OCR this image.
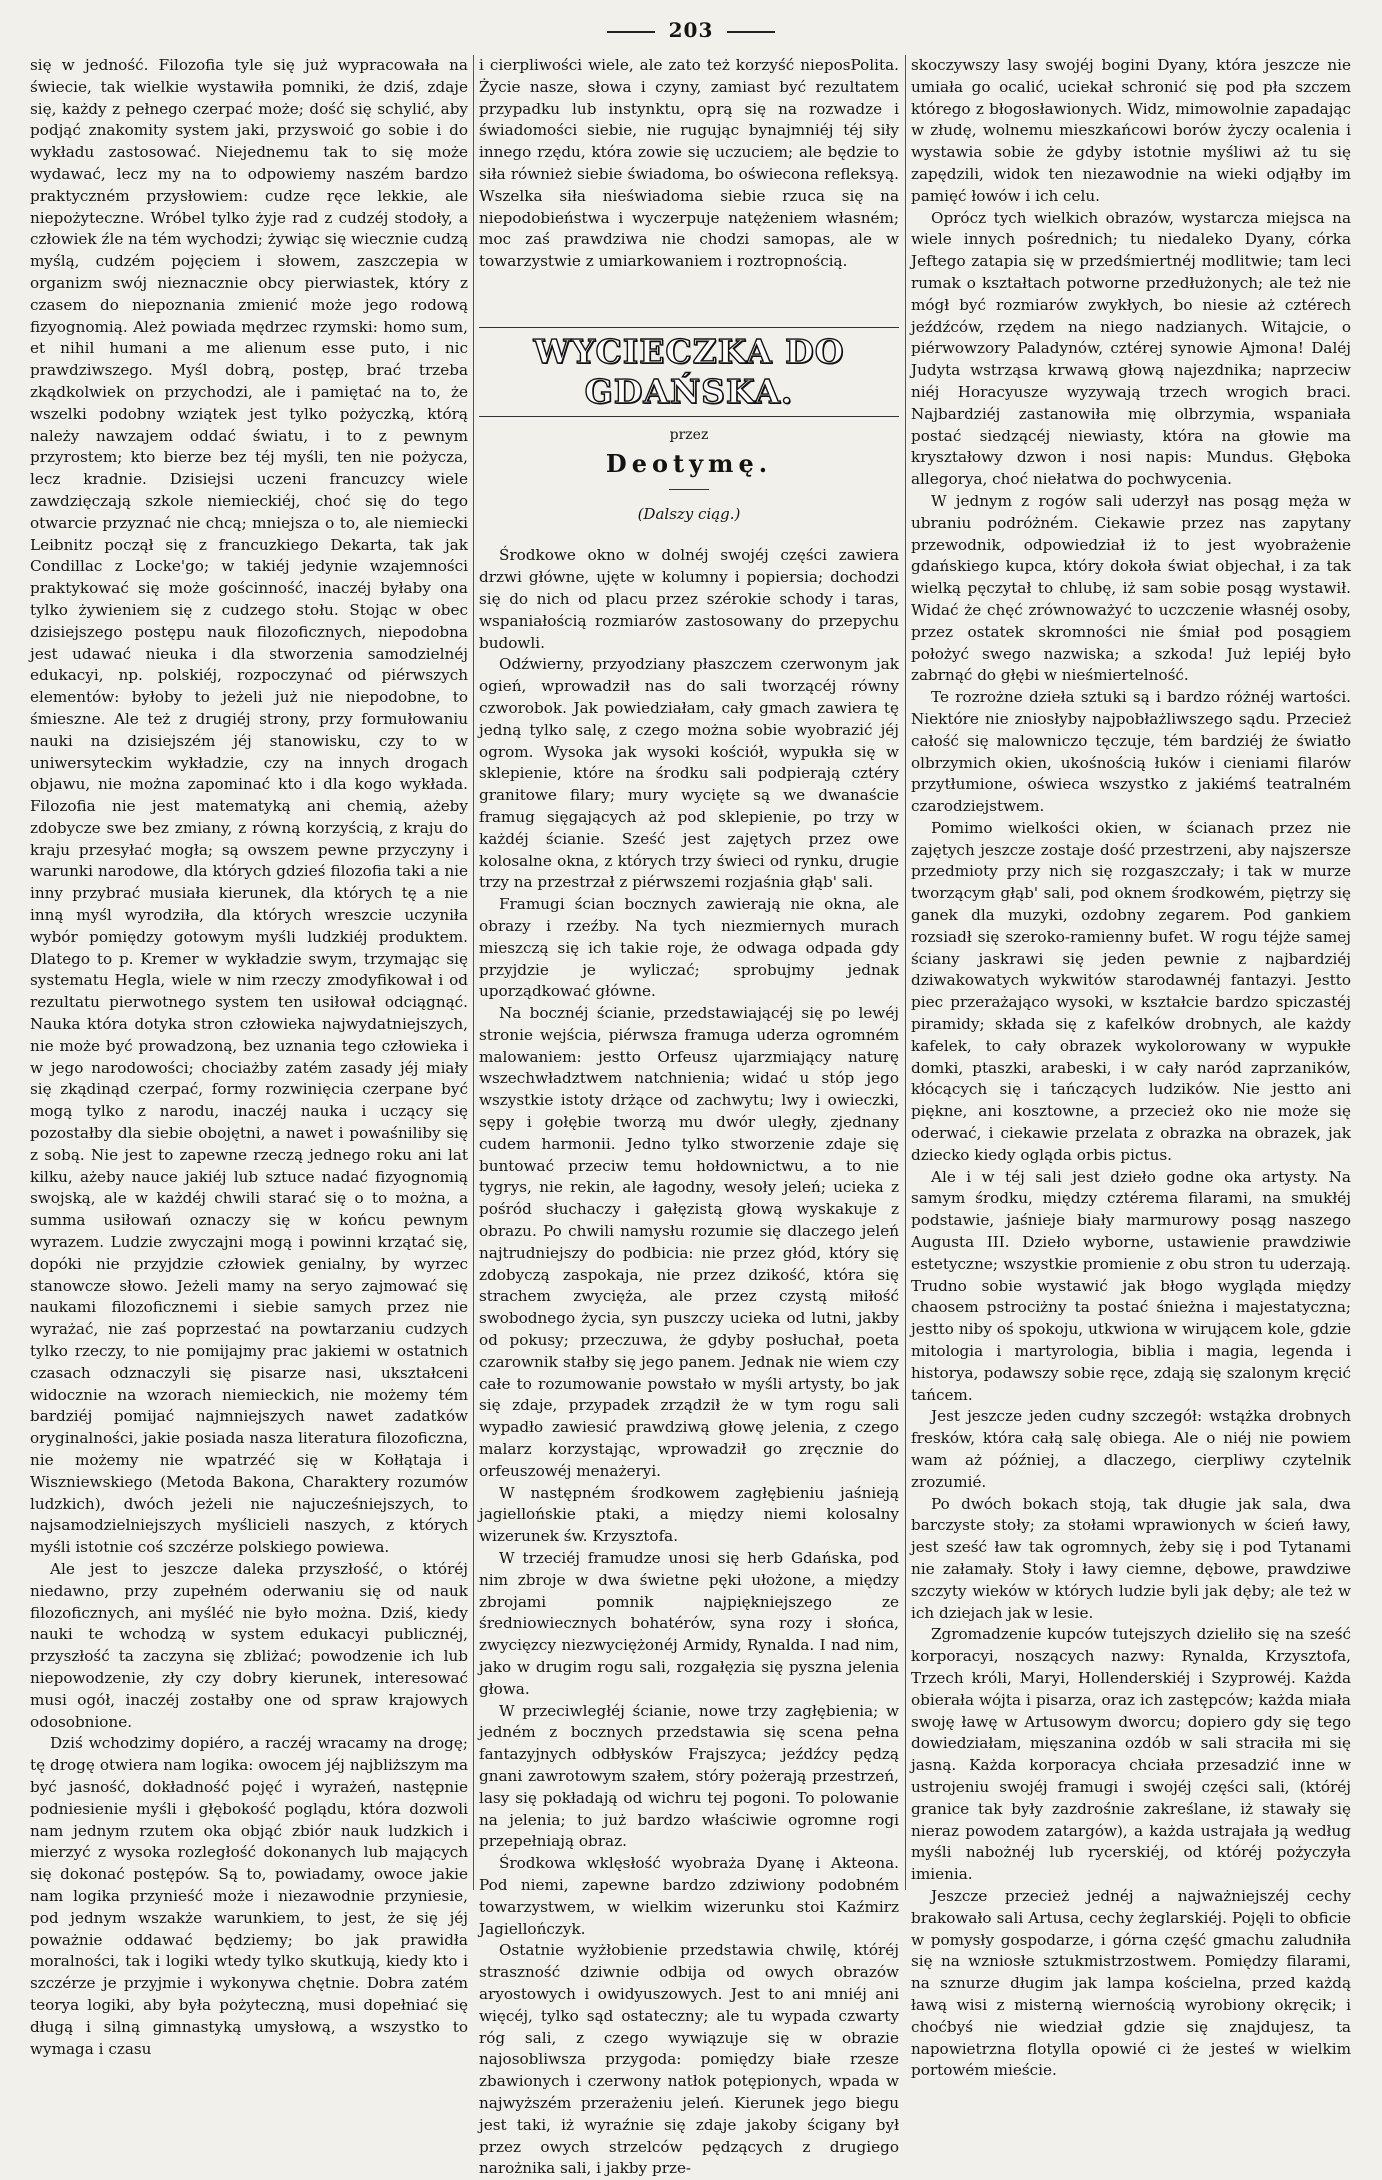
203

się w jedność. Filozofia tyle się już wypracowała na świecie, tak wielkie wystawiła pomniki, że dziś, zdaje się, każdy z pełnego czerpać może; dość się schylić, aby podjąć znakomity system jaki, przyswoić go sobie i do wykładu zastosować. Niejednemu tak to się może wydawać, lecz my na to odpowiemy naszém bardzo praktyczném przysłowiem: cudze ręce lekkie, ale niepożyteczne. Wróbel tylko żyje rad z cudzéj stodoły, a człowiek źle na tém wychodzi; żywiąc się wiecznie cudzą myślą, cudzém pojęciem i słowem, zaszczepia w organizm swój nieznacznie obcy pierwiastek, który z czasem do niepoznania zmienić może jego rodową fizyognomią. Ależ powiada mędrzec rzymski: homo sum, et nihil humani a me alienum esse puto, i nic prawdziwszego. Myśl dobrą, postęp, brać trzeba zkądkolwiek on przychodzi, ale i pamiętać na to, że wszelki podobny wziątek jest tylko pożyczką, którą należy nawzajem oddać światu, i to z pewnym przyrostem; kto bierze bez téj myśli, ten nie pożycza, lecz kradnie. Dzisiejsi uczeni francuzcy wiele zawdzięczają szkole niemieckiéj, choć się do tego otwarcie przyznać nie chcą; mniejsza o to, ale niemiecki Leibnitz począł się z francuzkiego Dekarta, tak jak Condillac z Locke'go; w takiéj jedynie wzajemności praktykować się może gościnność, inaczéj byłaby ona tylko żywieniem się z cudzego stołu. Stojąc w obec dzisiejszego postępu nauk filozoficznych, niepodobna jest udawać nieuka i dla stworzenia samodzielnéj edukacyi, np. polskiéj, rozpoczynać od piérwszych elementów: byłoby to jeżeli już nie niepodobne, to śmieszne. Ale też z drugiéj strony, przy formułowaniu nauki na dzisiejszém jéj stanowisku, czy to w uniwersyteckim wykładzie, czy na innych drogach objawu, nie można zapominać kto i dla kogo wykłada. Filozofia nie jest matematyką ani chemią, ażeby zdobycze swe bez zmiany, z równą korzyścią, z kraju do kraju przesyłać mogła; są owszem pewne przyczyny i warunki narodowe, dla których gdzieś filozofia taki a nie inny przybrać musiała kierunek, dla których tę a nie inną myśl wyrodziła, dla których wreszcie uczyniła wybór pomiędzy gotowym myśli ludzkiéj produktem. Dlatego to p. Kremer w wykładzie swym, trzymając się systematu Hegla, wiele w nim rzeczy zmodyfikował i od rezultatu pierwotnego system ten usiłował odciągnąć. Nauka która dotyka stron człowieka najwydatniejszych, nie może być prowadzoną, bez uznania tego człowieka i w jego narodowości; chociażby zatém zasady jéj miały się zkądinąd czerpać, formy rozwinięcia czerpane być mogą tylko z narodu, inaczéj nauka i uczący się pozostałby dla siebie obojętni, a nawet i powaśniliby się z sobą. Nie jest to zapewne rzeczą jednego roku ani lat kilku, ażeby nauce jakiéj lub sztuce nadać fizyognomią swojską, ale w każdéj chwili starać się o to można, a summa usiłowań oznaczy się w końcu pewnym wyrazem. Ludzie zwyczajni mogą i powinni krzątać się, dopóki nie przyjdzie człowiek genialny, by wyrzec stanowcze słowo. Jeżeli mamy na seryo zajmować się naukami filozoficznemi i siebie samych przez nie wyrażać, nie zaś poprzestać na powtarzaniu cudzych tylko rzeczy, to nie pomijajmy prac jakiemi w ostatnich czasach odznaczyli się pisarze nasi, ukształceni widocznie na wzorach niemieckich, nie możemy tém bardziéj pomijać najmniejszych nawet zadatków oryginalności, jakie posiada nasza literatura filozoficzna, nie możemy nie wpatrzéć się w Kołłątaja i Wiszniewskiego (Metoda Bakona, Charaktery rozumów ludzkich), dwóch jeżeli nie najucześniejszych, to najsamodzielniejszych myślicieli naszych, z których myśli istotnie coś szczérze polskiego powiewa.

Ale jest to jeszcze daleka przyszłość, o któréj niedawno, przy zupełném oderwaniu się od nauk filozoficznych, ani myśléć nie było można. Dziś, kiedy nauki te wchodzą w system edukacyi publicznéj, przyszłość ta zaczyna się zbliżać; powodzenie ich lub niepowodzenie, zły czy dobry kierunek, interesować musi ogół, inaczéj zostałby one od spraw krajowych odosobnione.

Dziś wchodzimy dopiéro, a raczéj wracamy na drogę; tę drogę otwiera nam logika: owocem jéj najbliższym ma być jasność, dokładność pojęć i wyrażeń, następnie podniesienie myśli i głębokość poglądu, która dozwoli nam jednym rzutem oka objąć zbiór nauk ludzkich i mierzyć z wysoka rozległość dokonanych lub mających się dokonać postępów. Są to, powiadamy, owoce jakie nam logika przynieść może i niezawodnie przyniesie, pod jednym wszakże warunkiem, to jest, że się jéj poważnie oddawać będziemy; bo jak prawidła moralności, tak i logiki wtedy tylko skutkują, kiedy kto i szczérze je przyjmie i wykonywa chętnie. Dobra zatém teorya logiki, aby była pożyteczną, musi dopełniać się długą i silną gimnastyką umysłową, a wszystko to wymaga i czasu

i cierpliwości wiele, ale zato też korzyść nieposPolita. Życie nasze, słowa i czyny, zamiast być rezultatem przypadku lub instynktu, oprą się na rozwadze i świadomości siebie, nie rugując bynajmniéj téj siły innego rzędu, która zowie się uczuciem; ale będzie to siła również siebie świadoma, bo oświecona refleksyą. Wszelka siła nieświadoma siebie rzuca się na niepodobieństwa i wyczerpuje natężeniem własném; moc zaś prawdziwa nie chodzi samopas, ale w towarzystwie z umiarkowaniem i roztropnością.

WYCIECZKA DO GDAŃSKA.
przez
Deotymę.
(Dalszy ciąg.)

Środkowe okno w dolnéj swojéj części zawiera drzwi główne, ujęte w kolumny i popiersia; dochodzi się do nich od placu przez szérokie schody i taras, wspaniałością rozmiarów zastosowany do przepychu budowli.

Odźwierny, przyodziany płaszczem czerwonym jak ogień, wprowadził nas do sali tworzącéj równy czworobok. Jak powiedziałam, cały gmach zawiera tę jedną tylko salę, z czego można sobie wyobrazić jéj ogrom. Wysoka jak wysoki kościół, wypukła się w sklepienie, które na środku sali podpierają cztéry granitowe filary; mury wycięte są we dwanaście framug sięgających aż pod sklepienie, po trzy w każdéj ścianie. Sześć jest zajętych przez owe kolosalne okna, z których trzy świeci od rynku, drugie trzy na przestrzał z piérwszemi rozjaśnia głąb' sali.

Framugi ścian bocznych zawierają nie okna, ale obrazy i rzeźby. Na tych niezmiernych murach mieszczą się ich takie roje, że odwaga odpada gdy przyjdzie je wyliczać; sprobujmy jednak uporządkować główne.

Na bocznéj ścianie, przedstawiającéj się po lewéj stronie wejścia, piérwsza framuga uderza ogromném malowaniem: jestto Orfeusz ujarzmiający naturę wszechwładztwem natchnienia; widać u stóp jego wszystkie istoty drżące od zachwytu; lwy i owieczki, sępy i gołębie tworzą mu dwór uległy, zjednany cudem harmonii. Jedno tylko stworzenie zdaje się buntować przeciw temu hołdownictwu, a to nie tygrys, nie rekin, ale łagodny, wesoły jeleń; ucieka z pośród słuchaczy i gałęzistą głową wyskakuje z obrazu. Po chwili namysłu rozumie się dlaczego jeleń najtrudniejszy do podbicia: nie przez głód, który się zdobyczą zaspokaja, nie przez dzikość, która się strachem zwycięża, ale przez czystą miłość swobodnego życia, syn puszczy ucieka od lutni, jakby od pokusy; przeczuwa, że gdyby posłuchał, poeta czarownik stałby się jego panem. Jednak nie wiem czy całe to rozumowanie powstało w myśli artysty, bo jak się zdaje, przypadek zrządził że w tym rogu sali wypadło zawiesić prawdziwą głowę jelenia, z czego malarz korzystając, wprowadził go zręcznie do orfeuszowéj menażeryi.

W następném środkowem zagłębieniu jaśnieją jagiellońskie ptaki, a między niemi kolosalny wizerunek św. Krzysztofa.

W trzeciéj framudze unosi się herb Gdańska, pod nim zbroje w dwa świetne pęki ułożone, a między zbrojami pomnik najpiękniejszego ze średniowiecznych bohatérów, syna rozy i słońca, zwycięzcy niezwyciężonéj Armidy, Rynalda. I nad nim, jako w drugim rogu sali, rozgałęzia się pyszna jelenia głowa.

W przeciwległéj ścianie, nowe trzy zagłębienia; w jedném z bocznych przedstawia się scena pełna fantazyjnych odbłysków Frajszyca; jeźdźcy pędzą gnani zawrotowym szałem, stóry pożerają przestrzeń, lasy się pokładają od wichru tej pogoni. To polowanie na jelenia; to już bardzo właściwie ogromne rogi przepełniają obraz.

Środkowa wklęsłość wyobraża Dyanę i Akteona. Pod niemi, zapewne bardzo zdziwiony podobném towarzystwem, w wielkim wizerunku stoi Kaźmirz Jagiellończyk.

Ostatnie wyżłobienie przedstawia chwilę, któréj straszność dziwnie odbija od owych obrazów aryostowych i owidyuszowych. Jest to ani mniéj ani więcéj, tylko sąd ostateczny; ale tu wypada czwarty róg sali, z czego wywiązuje się w obrazie najosobliwsza przygoda: pomiędzy białe rzesze zbawionych i czerwony natłok potępionych, wpada w najwyższém przerażeniu jeleń. Kierunek jego biegu jest taki, iż wyraźnie się zdaje jakoby ścigany był przez owych strzelców pędzących z drugiego narożnika sali, i jakby prze-

skoczywszy lasy swojéj bogini Dyany, która jeszcze nie umiała go ocalić, uciekał schronić się pod pła szczem którego z błogosławionych. Widz, mimowolnie zapadając w złudę, wolnemu mieszkańcowi borów życzy ocalenia i wystawia sobie że gdyby istotnie myśliwi aż tu się zapędzili, widok ten niezawodnie na wieki odjąłby im pamięć łowów i ich celu.

Oprócz tych wielkich obrazów, wystarcza miejsca na wiele innych pośrednich; tu niedaleko Dyany, córka Jeftego zatapia się w przedśmiertnéj modlitwie; tam leci rumak o kształtach potworne przedłużonych; ale też nie mógł być rozmiarów zwykłych, bo niesie aż cztérech jeźdźców, rzędem na niego nadzianych. Witajcie, o piérwowzory Paladynów, cztérej synowie Ajmona! Daléj Judyta wstrząsa krwawą głową najezdnika; naprzeciw niéj Horacyusze wyzywają trzech wrogich braci. Najbardziéj zastanowiła mię olbrzymia, wspaniała postać siedzącéj niewiasty, która na głowie ma kryształowy dzwon i nosi napis: Mundus. Głęboka allegorya, choć niełatwa do pochwycenia.

W jednym z rogów sali uderzył nas posąg męża w ubraniu podróżném. Ciekawie przez nas zapytany przewodnik, odpowiedział iż to jest wyobrażenie gdańskiego kupca, który dokoła świat objechał, i za tak wielką pęczytał to chlubę, iż sam sobie posąg wystawił. Widać że chęć zrównoważyć to uczczenie własnéj osoby, przez ostatek skromności nie śmiał pod posągiem położyć swego nazwiska; a szkoda! Już lepiéj było zabrnąć do głębi w nieśmiertelność.

Te rozrożne dzieła sztuki są i bardzo różnéj wartości. Niektóre nie zniosłyby najpobłażliwszego sądu. Przecież całość się malowniczo tęczuje, tém bardziéj że światło olbrzymich okien, ukośnością łuków i cieniami filarów przytłumione, oświeca wszystko z jakiémś teatralném czarodziejstwem.

Pomimo wielkości okien, w ścianach przez nie zajętych jeszcze zostaje dość przestrzeni, aby najszersze przedmioty przy nich się rozgaszczały; i tak w murze tworzącym głąb' sali, pod oknem środkowém, piętrzy się ganek dla muzyki, ozdobny zegarem. Pod gankiem rozsiadł się szeroko-ramienny bufet. W rogu téjże samej ściany jaskrawi się jeden pewnie z najbardziéj dziwakowatych wykwitów starodawnéj fantazyi. Jestto piec przerażająco wysoki, w kształcie bardzo spiczastéj piramidy; składa się z kafelków drobnych, ale każdy kafelek, to cały obrazek wykolorowany w wypukłe domki, ptaszki, arabeski, i w cały naród zaprzaników, kłócących się i tańczących ludzików. Nie jestto ani piękne, ani kosztowne, a przecież oko nie może się oderwać, i ciekawie przelata z obrazka na obrazek, jak dziecko kiedy ogląda orbis pictus.

Ale i w téj sali jest dzieło godne oka artysty. Na samym środku, między cztérema filarami, na smukłéj podstawie, jaśnieje biały marmurowy posąg naszego Augusta III. Dzieło wyborne, ustawienie prawdziwie estetyczne; wszystkie promienie z obu stron tu uderzają. Trudno sobie wystawić jak błogo wygląda między chaosem pstrociżny ta postać śnieżna i majestatyczna; jestto niby oś spokoju, utkwiona w wirującem kole, gdzie mitologia i martyrologia, biblia i magia, legenda i historya, podawszy sobie ręce, zdają się szalonym kręcić tańcem.

Jest jeszcze jeden cudny szczegół: wstążka drobnych fresków, która całą salę obiega. Ale o niéj nie powiem wam aż później, a dlaczego, cierpliwy czytelnik zrozumié.

Po dwóch bokach stoją, tak długie jak sala, dwa barczyste stoły; za stołami wprawionych w ścień ławy, jest sześć ław tak ogromnych, żeby się i pod Tytanami nie załamały. Stoły i ławy ciemne, dębowe, prawdziwe szczyty wieków w których ludzie byli jak dęby; ale też w ich dziejach jak w lesie.

Zgromadzenie kupców tutejszych dzieliło się na sześć korporacyi, noszących nazwy: Rynalda, Krzysztofa, Trzech króli, Maryi, Hollenderskiéj i Szyprowéj. Każda obierała wójta i pisarza, oraz ich zastępców; każda miała swoję ławę w Artusowym dworcu; dopiero gdy się tego dowiedziałam, mięszanina ozdób w sali straciła mi się jasną. Każda korporacya chciała przesadzić inne w ustrojeniu swojéj framugi i swojéj części sali, (któréj granice tak były zazdrośnie zakreślane, iż stawały się nieraz powodem zatargów), a każda ustrajała ją według myśli nabożnéj lub rycerskiéj, od któréj pożyczyła imienia.

Jeszcze przecież jednéj a najważniejszéj cechy brakowało sali Artusa, cechy żeglarskiéj. Pojęli to obficie w pomysły gospodarze, i górna część gmachu zaludniła się na wzniosłe sztukmistrzostwem. Pomiędzy filarami, na sznurze długim jak lampa kościelna, przed każdą ławą wisi z misterną wiernością wyrobiony okręcik; i choćbyś nie wiedział gdzie się znajdujesz, ta napowietrzna flotylla opowié ci że jesteś w wielkim portowém mieście.
